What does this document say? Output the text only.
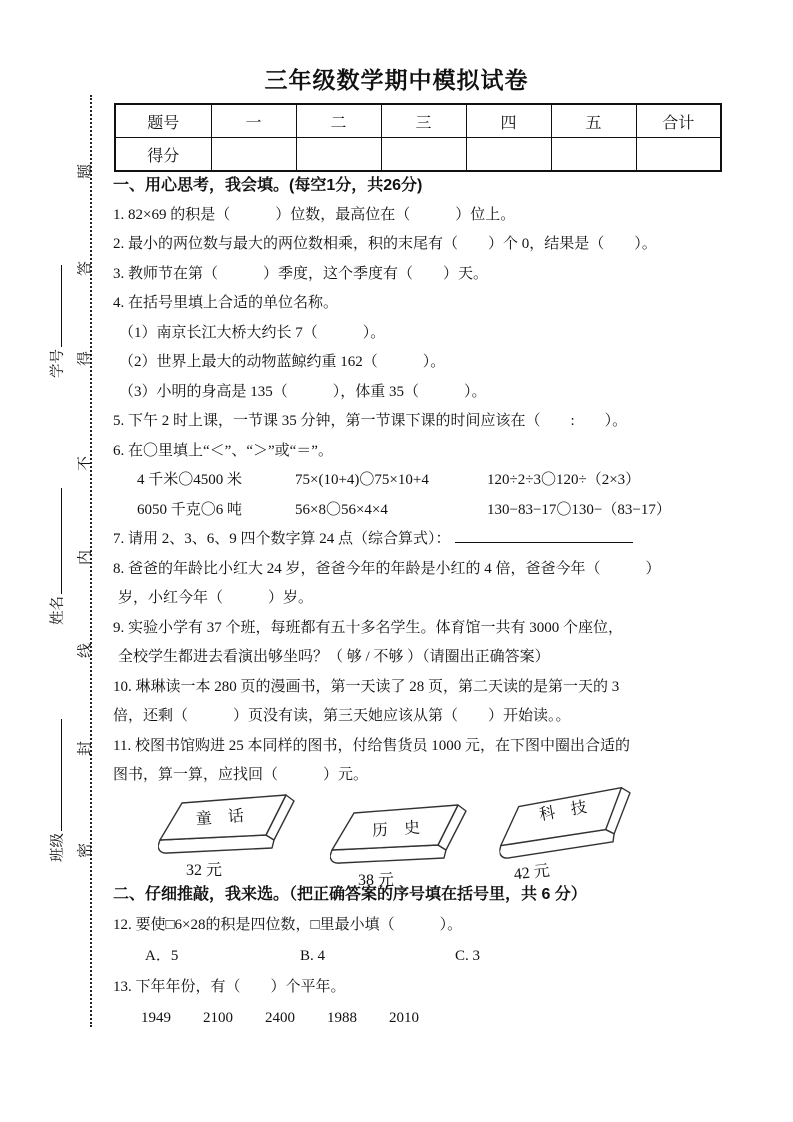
三年级数学期中模拟试卷
题号	一	二	三	四	五	合计
得分						
题
答
得
不
内
线
封
密
学号
姓名
班级
一、用心思考，我会填。(每空1分，共26分)
1. 82×69 的积是（　　　）位数，最高位在（　　　）位上。
2. 最小的两位数与最大的两位数相乘，积的末尾有（　　）个 0，结果是（　　）。
3. 教师节在第（　　　）季度，这个季度有（　　）天。
4. 在括号里填上合适的单位名称。
（1）南京长江大桥大约长 7（　　　）。
（2）世界上最大的动物蓝鲸约重 162（　　　）。
（3）小明的身高是 135（　　　），体重 35（　　　）。
5. 下午 2 时上课，一节课 35 分钟，第一节课下课的时间应该在（　　:　　）。
6. 在〇里填上“＜”、“＞”或“＝”。
4 千米〇4500 米	75×(10+4)〇75×10+4	120÷2÷3〇120÷（2×3）
6050 千克〇6 吨	56×8〇56×4×4	130−83−17〇130−（83−17）
7. 请用 2、3、6、9 四个数字算 24 点（综合算式）：
8. 爸爸的年龄比小红大 24 岁，爸爸今年的年龄是小红的 4 倍，爸爸今年（　　　）
岁，小红今年（　　　）岁。
9. 实验小学有 37 个班，每班都有五十多名学生。体育馆一共有 3000 个座位，
全校学生都进去看演出够坐吗？（ 够 / 不够 ）（请圈出正确答案）
10. 琳琳读一本 280 页的漫画书，第一天读了 28 页，第二天读的是第一天的 3
倍，还剩（　　　）页没有读，第三天她应该从第（　　）开始读。。
11. 校图书馆购进 25 本同样的图书，付给售货员 1000 元，在下图中圈出合适的
图书，算一算，应找回（　　　）元。
童　话
32 元
历　史
38 元
科　技
42 元
二、仔细推敲，我来选。（把正确答案的序号填在括号里，共 6 分）
12. 要使□6×28的积是四位数，□里最小填（　　　）。
A．5	B. 4	C. 3
13. 下年年份，有（　　）个平年。
1949 2100 2400 1988 2010
